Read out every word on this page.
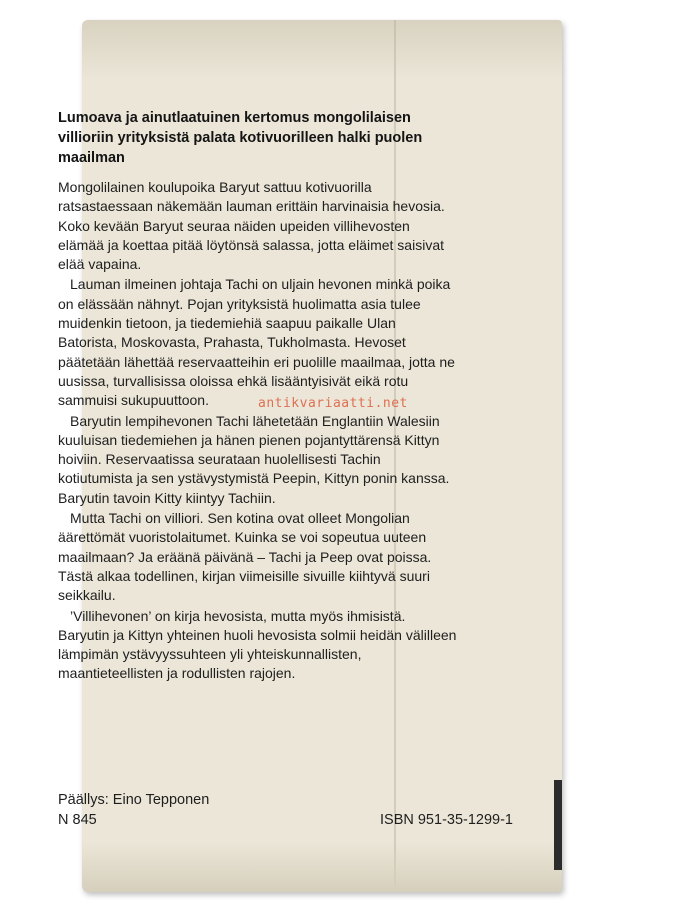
Lumoava ja ainutlaatuinen kertomus mongolilaisen villioriin yrityksistä palata kotivuorilleen halki puolen maailman

Mongolilainen koulupoika Baryut sattuu kotivuorilla ratsastaessaan näkemään lauman erittäin harvinaisia hevosia. Koko kevään Baryut seuraa näiden upeiden villihevosten elämää ja koettaa pitää löytönsä salassa, jotta eläimet saisivat elää vapaina.

Lauman ilmeinen johtaja Tachi on uljain hevonen minkä poika on elässään nähnyt. Pojan yrityksistä huolimatta asia tulee muidenkin tietoon, ja tiedemiehiä saapuu paikalle Ulan Batorista, Moskovasta, Prahasta, Tukholmasta. Hevoset päätetään lähettää reservaatteihin eri puolille maailmaa, jotta ne uusissa, turvallisissa oloissa ehkä lisääntyisivät eikä rotu sammuisi sukupuuttoon.

Baryutin lempihevonen Tachi lähetetään Englantiin Walesiin kuuluisan tiedemiehen ja hänen pienen pojantyttärensä Kittyn hoiviin. Reservaatissa seurataan huolellisesti Tachin kotiutumista ja sen ystävystymistä Peepin, Kittyn ponin kanssa. Baryutin tavoin Kitty kiintyy Tachiin.

Mutta Tachi on villiori. Sen kotina ovat olleet Mongolian äärettömät vuoristolaitumet. Kuinka se voi sopeutua uuteen maailmaan? Ja eräänä päivänä – Tachi ja Peep ovat poissa. Tästä alkaa todellinen, kirjan viimeisille sivuille kiihtyvä suuri seikkailu.

’Villihevonen’ on kirja hevosista, mutta myös ihmisistä. Baryutin ja Kittyn yhteinen huoli hevosista solmii heidän välilleen lämpimän ystävyyssuhteen yli yhteiskunnallisten, maantieteellisten ja rodullisten rajojen.

antikvariaatti.net
Päällys: Eino Tepponen
N 845	ISBN 951-35-1299-1
